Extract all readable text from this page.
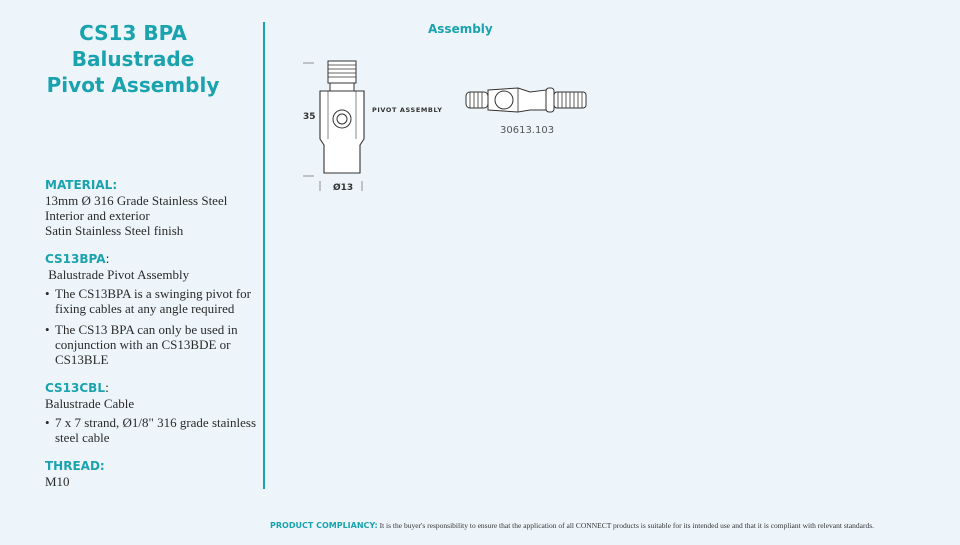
CS13 BPA Balustrade
Pivot Assembly
MATERIAL:
13mm Ø 316 Grade Stainless Steel
Interior and exterior
Satin Stainless Steel finish
CS13BPA:
Balustrade Pivot Assembly
• The CS13BPA is a swinging pivot for fixing cables at any angle required
• The CS13 BPA can only be used in conjunction with an CS13BDE or CS13BLE
CS13CBL:
Balustrade Cable
• 7 x 7 strand, Ø1/8" 316 grade stainless steel cable
THREAD:
M10
Assembly
35
Ø13
PIVOT ASSEMBLY
30613.103
PRODUCT COMPLIANCY: It is the buyer's responsibility to ensure that the application of all CONNECT products is suitable for its intended use and that it is compliant with relevant standards.
